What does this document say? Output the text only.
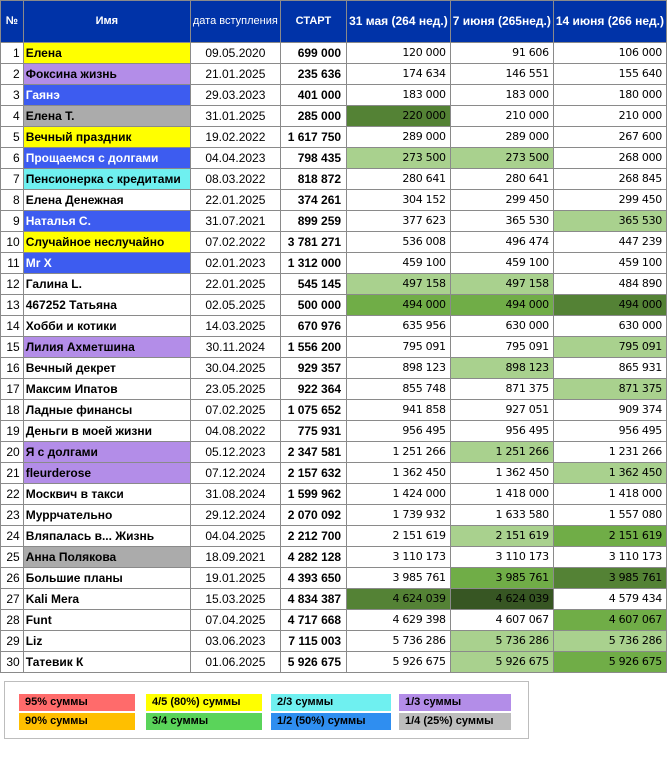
№	Имя	дата вступления	СТАРТ	31 мая (264 нед.)	7 июня (265нед.)	14 июня (266 нед.)
1	Елена	09.05.2020	699 000	120 000	91 606	106 000
2	Фоксина жизнь	21.01.2025	235 636	174 634	146 551	155 640
3	Гаянэ	29.03.2023	401 000	183 000	183 000	180 000
4	Елена Т.	31.01.2025	285 000	220 000	210 000	210 000
5	Вечный праздник	19.02.2022	1 617 750	289 000	289 000	267 600
6	Прощаемся с долгами	04.04.2023	798 435	273 500	273 500	268 000
7	Пенсионерка с кредитами	08.03.2022	818 872	280 641	280 641	268 845
8	Елена Денежная	22.01.2025	374 261	304 152	299 450	299 450
9	Наталья С.	31.07.2021	899 259	377 623	365 530	365 530
10	Случайное неслучайно	07.02.2022	3 781 271	536 008	496 474	447 239
11	Mr X	02.01.2023	1 312 000	459 100	459 100	459 100
12	Галина L.	22.01.2025	545 145	497 158	497 158	484 890
13	467252 Татьяна	02.05.2025	500 000	494 000	494 000	494 000
14	Хобби и котики	14.03.2025	670 976	635 956	630 000	630 000
15	Лилия Ахметшина	30.11.2024	1 556 200	795 091	795 091	795 091
16	Вечный декрет	30.04.2025	929 357	898 123	898 123	865 931
17	Максим Ипатов	23.05.2025	922 364	855 748	871 375	871 375
18	Ладные финансы	07.02.2025	1 075 652	941 858	927 051	909 374
19	Деньги в моей жизни	04.08.2022	775 931	956 495	956 495	956 495
20	Я с долгами	05.12.2023	2 347 581	1 251 266	1 251 266	1 231 266
21	fleurderose	07.12.2024	2 157 632	1 362 450	1 362 450	1 362 450
22	Москвич в такси	31.08.2024	1 599 962	1 424 000	1 418 000	1 418 000
23	Муррчательно	29.12.2024	2 070 092	1 739 932	1 633 580	1 557 080
24	Вляпалась в... Жизнь	04.04.2025	2 212 700	2 151 619	2 151 619	2 151 619
25	Анна Полякова	18.09.2021	4 282 128	3 110 173	3 110 173	3 110 173
26	Большие планы	19.01.2025	4 393 650	3 985 761	3 985 761	3 985 761
27	Kali Mera	15.03.2025	4 834 387	4 624 039	4 624 039	4 579 434
28	Funt	07.04.2025	4 717 668	4 629 398	4 607 067	4 607 067
29	Liz	03.06.2023	7 115 003	5 736 286	5 736 286	5 736 286
30	Татевик К	01.06.2025	5 926 675	5 926 675	5 926 675	5 926 675
95% суммы	4/5 (80%) суммы	2/3 суммы	1/3 суммы
90% суммы	3/4 суммы	1/2 (50%) суммы	1/4 (25%) суммы
